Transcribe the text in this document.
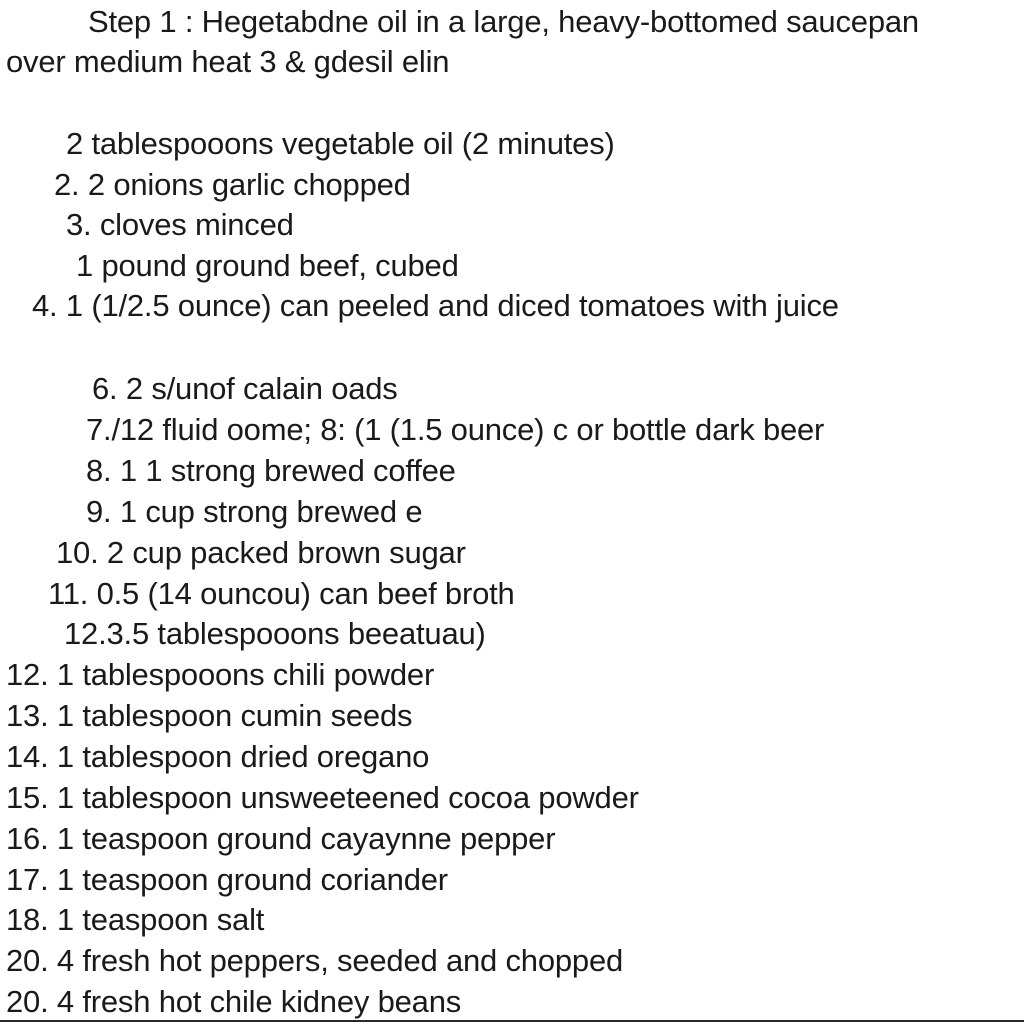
Step 1 : Hegetabdne oil in a large, heavy-bottomed saucepan
over medium heat 3 & gdesil elin
2 tablespooons vegetable oil (2 minutes)
2. 2 onions garlic chopped
3. cloves minced
1 pound ground beef, cubed
4. 1 (1/2.5 ounce) can peeled and diced tomatoes with juice
6. 2 s/unof calain oads
7./12 fluid oome; 8: (1 (1.5 ounce) c or bottle dark beer
8. 1 1 strong brewed coffee
9. 1 cup strong brewed e
10. 2 cup packed brown sugar
11. 0.5 (14 ouncou) can beef broth
12.3.5 tablespooons beeatuau)
12. 1 tablespooons chili powder
13. 1 tablespoon cumin seeds
14. 1 tablespoon dried oregano
15. 1 tablespoon unsweeteened cocoa powder
16. 1 teaspoon ground cayaynne pepper
17. 1 teaspoon ground coriander
18. 1 teaspoon salt
20. 4 fresh hot peppers, seeded and chopped
20. 4 fresh hot chile kidney beans
